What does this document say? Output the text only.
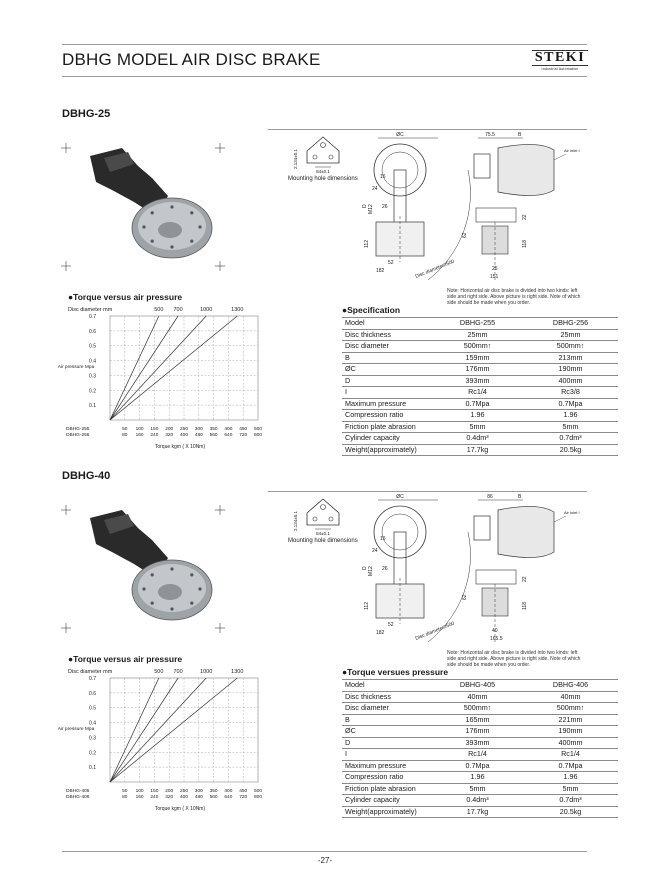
DBHG MODEL AIR DISC BRAKE	STEKI
Industrial Automation
DBHG-25
84±0.1
2.134±0.1
Mounting hole dimensions
ØC
D M12
16
24
26
112
52
182	Disc diameter≥500
75.5	B
Air inlet I
62
22
118
25
151
Note: Horizontal air disc brake is divided into two kinds: left side and right side. Above picture is right side. Note of which side should be made when you order.
●Torque versus air pressure
Disc diameter mm
0.1
0.2
0.3
0.4
0.5
0.6
0.7
Air pressure Mpa
500 700	1000	1300
DBHG-255	50 100 150 200 250 300 350 400 450 500
DBHG-256	80 160 240 320 400 480 560 640 720 800
Torque kgm ( X 10Nm)
●Specification
Model	DBHG-255	DBHG-256
Disc thickness	25mm	25mm
Disc diameter	500mm↑	500mm↑
B	159mm	213mm
ØC	176mm	190mm
D	393mm	400mm
I	Rc1/4	Rc3/8
Maximum pressure	0.7Mpa	0.7Mpa
Compression ratio	1.96	1.96
Friction plate abrasion	5mm	5mm
Cylinder capacity	0.4dm³	0.7dm³
Weight(approximately)	17.7kg	20.5kg
DBHG-40
84±0.1
2.134±0.1
Mounting hole dimensions
ØC
D M12
16
24
26
112
52
182	Disc diameter≥500
86	B
Air inlet I
62
22
118
40
165.5
Note: Horizontal air disc brake is divided into two kinds: left side and right side. Above picture is right side. Note of which side should be made when you order.
●Torque versus air pressure
Disc diameter mm
0.1
0.2
0.3
0.4
0.5
0.6
0.7
Air pressure Mpa
500 700	1000	1300
DBHG-405	50 100 150 200 250 300 350 400 450 500
DBHG-406	80 160 240 320 400 480 560 640 720 800
Torque kgm ( X 10Nm)
●Torque versues pressure
Model	DBHG-405	DBHG-406
Disc thickness	40mm	40mm
Disc diameter	500mm↑	500mm↑
B	165mm	221mm
ØC	176mm	190mm
D	393mm	400mm
I	Rc1/4	Rc1/4
Maximum pressure	0.7Mpa	0.7Mpa
Compression ratio	1.96	1.96
Friction plate abrasion	5mm	5mm
Cylinder capacity	0.4dm³	0.7dm³
Weight(approximately)	17.7kg	20.5kg
-27-
